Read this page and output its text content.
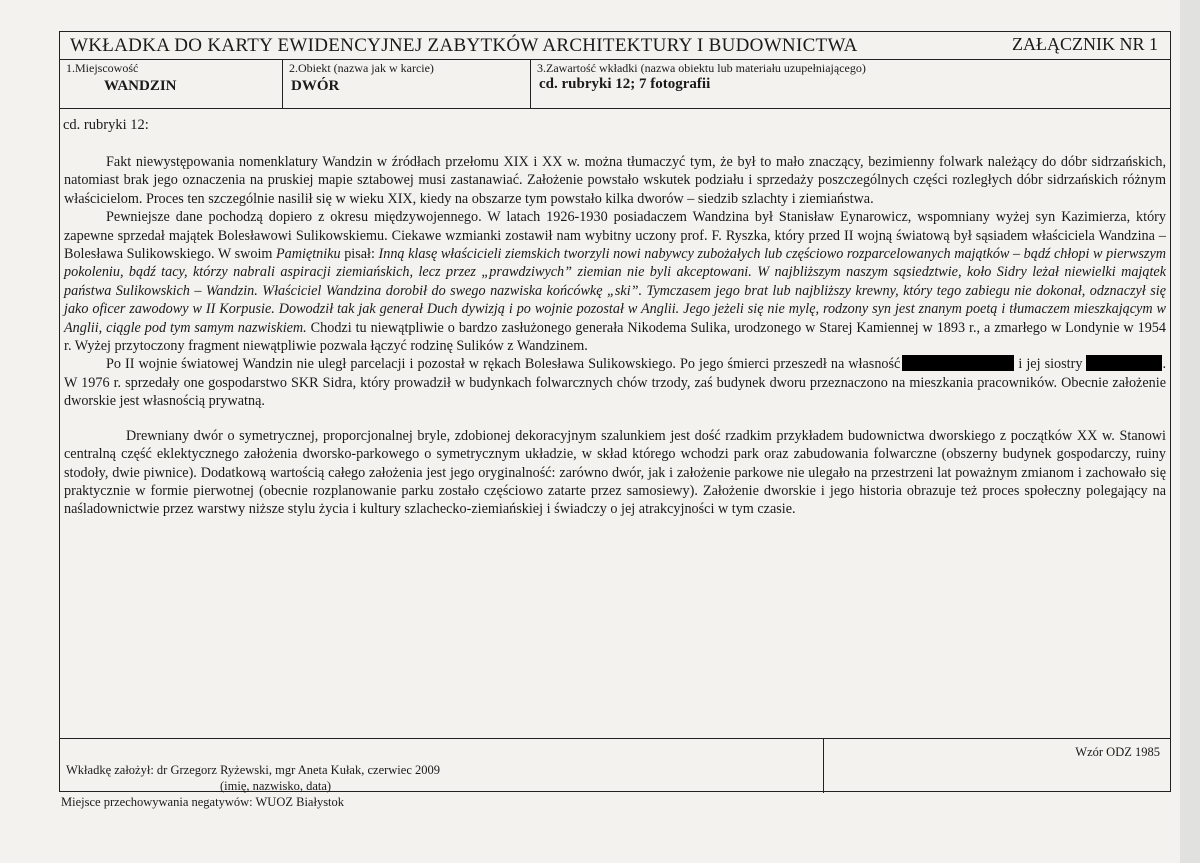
WKŁADKA DO KARTY EWIDENCYJNEJ ZABYTKÓW ARCHITEKTURY I BUDOWNICTWA	ZAŁĄCZNIK NR 1
1.Miejscowość
WANDZIN
2.Obiekt (nazwa jak w karcie)
DWÓR
3.Zawartość wkładki (nazwa obiektu lub materiału uzupełniającego)
cd. rubryki 12; 7 fotografii
cd. rubryki 12:

Fakt niewystępowania nomenklatury Wandzin w źródłach przełomu XIX i XX w. można tłumaczyć tym, że był to mało znaczący, bezimienny folwark należący do dóbr sidrzańskich, natomiast brak jego oznaczenia na pruskiej mapie sztabowej musi zastanawiać. Założenie powstało wskutek podziału i sprzedaży poszczególnych części rozległych dóbr sidrzańskich różnym właścicielom. Proces ten szczególnie nasilił się w wieku XIX, kiedy na obszarze tym powstało kilka dworów – siedzib szlachty i ziemiaństwa.

Pewniejsze dane pochodzą dopiero z okresu międzywojennego. W latach 1926-1930 posiadaczem Wandzina był Stanisław Eynarowicz, wspomniany wyżej syn Kazimierza, który zapewne sprzedał majątek Bolesławowi Sulikowskiemu. Ciekawe wzmianki zostawił nam wybitny uczony prof. F. Ryszka, który przed II wojną światową był sąsiadem właściciela Wandzina – Bolesława Sulikowskiego. W swoim Pamiętniku pisał: Inną klasę właścicieli ziemskich tworzyli nowi nabywcy zubożałych lub częściowo rozparcelowanych majątków – bądź chłopi w pierwszym pokoleniu, bądź tacy, którzy nabrali aspiracji ziemiańskich, lecz przez „prawdziwych” ziemian nie byli akceptowani. W najbliższym naszym sąsiedztwie, koło Sidry leżał niewielki majątek państwa Sulikowskich – Wandzin. Właściciel Wandzina dorobił do swego nazwiska końcówkę „ski”. Tymczasem jego brat lub najbliższy krewny, który tego zabiegu nie dokonał, odznaczył się jako oficer zawodowy w II Korpusie. Dowodził tak jak generał Duch dywizją i po wojnie pozostał w Anglii. Jego jeżeli się nie mylę, rodzony syn jest znanym poetą i tłumaczem mieszkającym w Anglii, ciągle pod tym samym nazwiskiem. Chodzi tu niewątpliwie o bardzo zasłużonego generała Nikodema Sulika, urodzonego w Starej Kamiennej w 1893 r., a zmarłego w Londynie w 1954 r. Wyżej przytoczony fragment niewątpliwie pozwala łączyć rodzinę Sulików z Wandzinem.

Po II wojnie światowej Wandzin nie uległ parcelacji i pozostał w rękach Bolesława Sulikowskiego. Po jego śmierci przeszedł na własność	i jej siostry	. W 1976 r. sprzedały one gospodarstwo SKR Sidra, który prowadził w budynkach folwarcznych chów trzody, zaś budynek dworu przeznaczono na mieszkania pracowników. Obecnie założenie dworskie jest własnością prywatną.

Drewniany dwór o symetrycznej, proporcjonalnej bryle, zdobionej dekoracyjnym szalunkiem jest dość rzadkim przykładem budownictwa dworskiego z początków XX w. Stanowi centralną część eklektycznego założenia dworsko-parkowego o symetrycznym układzie, w skład którego wchodzi park oraz zabudowania folwarczne (obszerny budynek gospodarczy, ruiny stodoły, dwie piwnice). Dodatkową wartością całego założenia jest jego oryginalność: zarówno dwór, jak i założenie parkowe nie ulegało na przestrzeni lat poważnym zmianom i zachowało się praktycznie w formie pierwotnej (obecnie rozplanowanie parku zostało częściowo zatarte przez samosiewy). Założenie dworskie i jego historia obrazuje też proces społeczny polegający na naśladownictwie przez warstwy niższe stylu życia i kultury szlachecko-ziemiańskiej i świadczy o jej atrakcyjności w tym czasie.

Wkładkę założył: dr Grzegorz Ryżewski, mgr Aneta Kułak, czerwiec 2009
(imię, nazwisko, data)
Wzór ODZ 1985
Miejsce przechowywania negatywów: WUOZ Białystok
